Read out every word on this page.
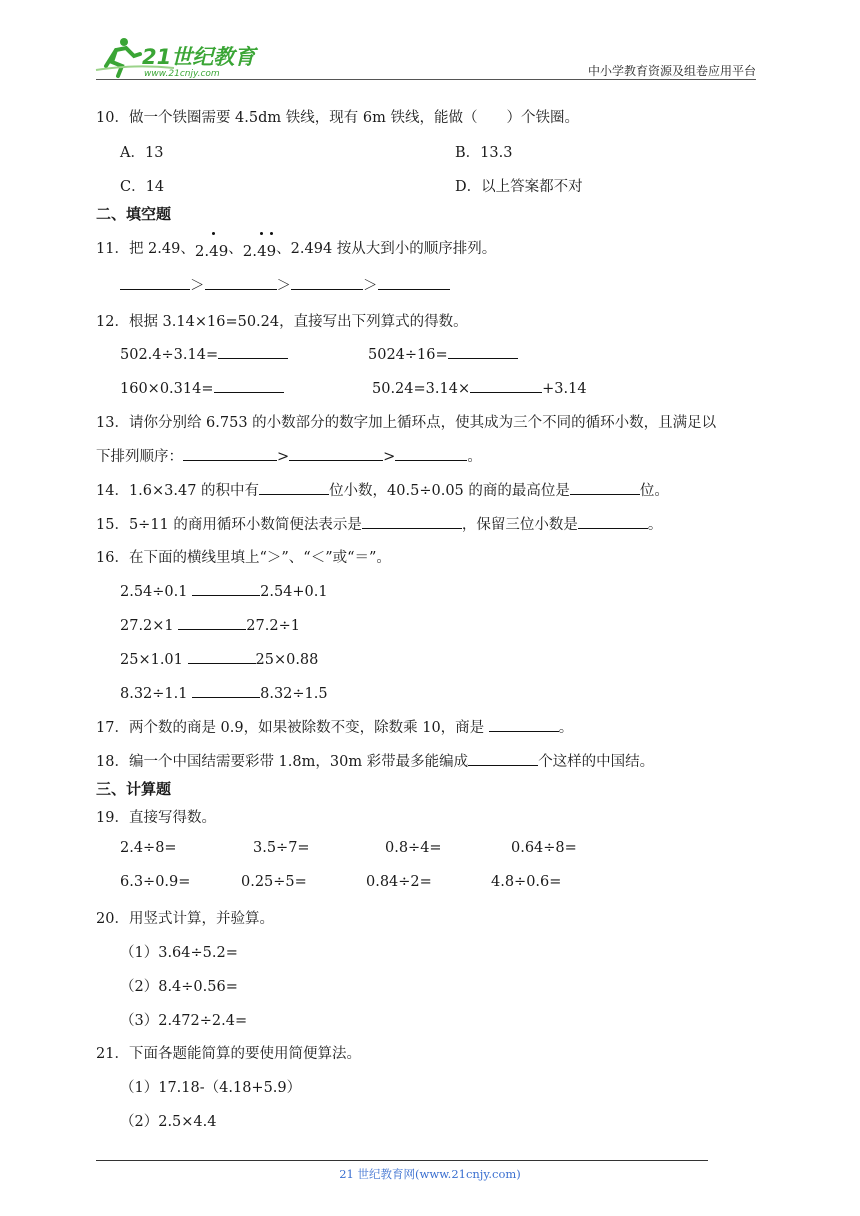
21世纪教育
www.21cnjy.com	中小学教育资源及组卷应用平台
10．做一个铁圈需要 4.5dm 铁线，现有 6m 铁线，能做（　　）个铁圈。
A．13	B．13.3
C．14	D．以上答案都不对
二、填空题
11．把 2.49、2.49
、2.49
、2.494 按从大到小的顺序排列。
＞	＞	＞
12．根据 3.14×16=50.24，直接写出下列算式的得数。
502.4÷3.14=	5024÷16=
160×0.314=	50.24=3.14×	+3.14
13．请你分别给 6.753 的小数部分的数字加上循环点，使其成为三个不同的循环小数，且满足以
下排列顺序：	>	>	。
14．1.6×3.47 的积中有	位小数，40.5÷0.05 的商的最高位是	位。
15．5÷11 的商用循环小数简便法表示是	，保留三位小数是	。
16．在下面的横线里填上“＞”、“＜”或“＝”。
2.54÷0.1	2.54+0.1
27.2×1	27.2÷1
25×1.01	25×0.88
8.32÷1.1	8.32÷1.5
17．两个数的商是 0.9，如果被除数不变，除数乘 10，商是	。
18．编一个中国结需要彩带 1.8m，30m 彩带最多能编成	个这样的中国结。
三、计算题
19．直接写得数。
2.4÷8=	3.5÷7=	0.8÷4=	0.64÷8=
6.3÷0.9=	0.25÷5=	0.84÷2=	4.8÷0.6=
20．用竖式计算，并验算。
（1）3.64÷5.2=
（2）8.4÷0.56=
（3）2.472÷2.4=
21．下面各题能简算的要使用简便算法。
（1）17.18-（4.18+5.9）
（2）2.5×4.4
21 世纪教育网(www.21cnjy.com)
